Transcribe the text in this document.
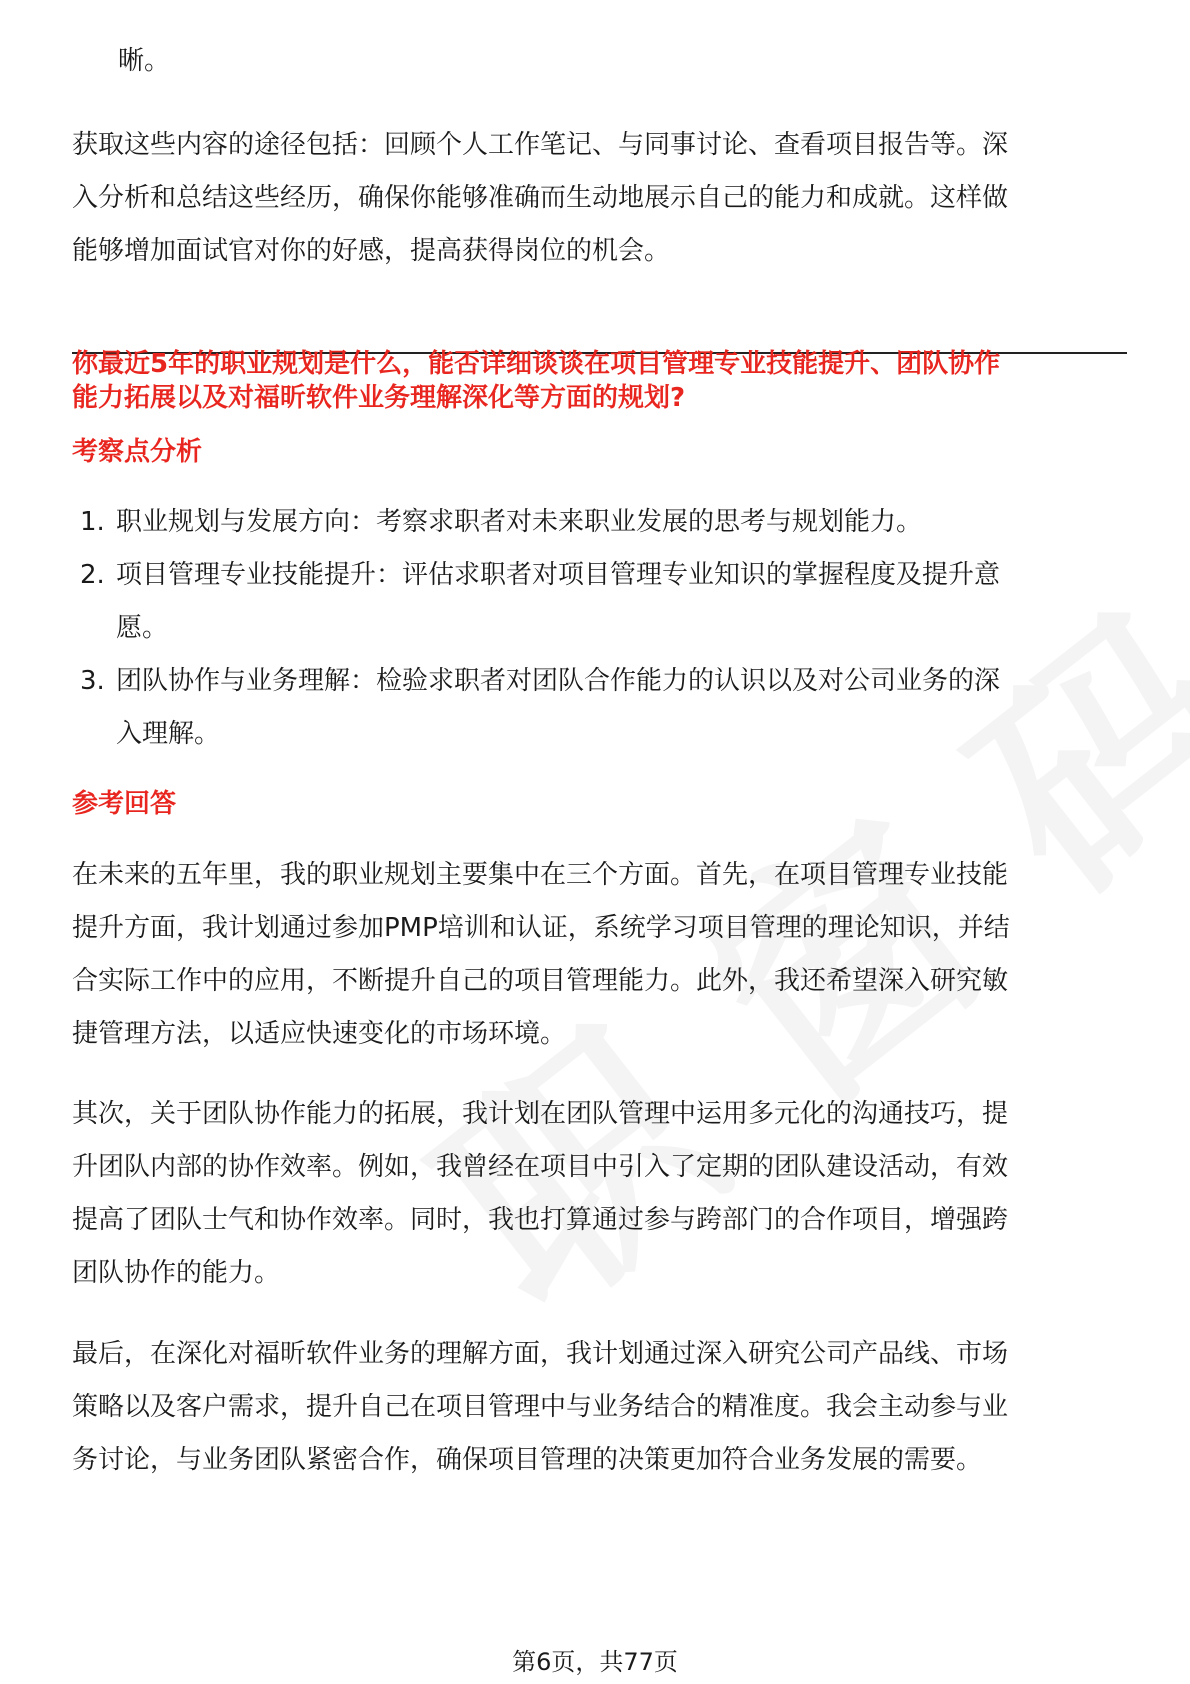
晰。
获取这些内容的途径包括：回顾个人工作笔记、与同事讨论、查看项目报告等。深
入分析和总结这些经历，确保你能够准确而生动地展示自己的能力和成就。这样做
能够增加面试官对你的好感，提高获得岗位的机会。
你最近5年的职业规划是什么，能否详细谈谈在项目管理专业技能提升、团队协作
能力拓展以及对福昕软件业务理解深化等方面的规划?
考察点分析
1. 职业规划与发展方向：考察求职者对未来职业发展的思考与规划能力。
2. 项目管理专业技能提升：评估求职者对项目管理专业知识的掌握程度及提升意
愿。
3. 团队协作与业务理解：检验求职者对团队合作能力的认识以及对公司业务的深
入理解。
参考回答
在未来的五年里，我的职业规划主要集中在三个方面。首先，在项目管理专业技能
提升方面，我计划通过参加PMP培训和认证，系统学习项目管理的理论知识，并结
合实际工作中的应用，不断提升自己的项目管理能力。此外，我还希望深入研究敏
捷管理方法，以适应快速变化的市场环境。
其次，关于团队协作能力的拓展，我计划在团队管理中运用多元化的沟通技巧，提
升团队内部的协作效率。例如，我曾经在项目中引入了定期的团队建设活动，有效
提高了团队士气和协作效率。同时，我也打算通过参与跨部门的合作项目，增强跨
团队协作的能力。
最后，在深化对福昕软件业务的理解方面，我计划通过深入研究公司产品线、市场
策略以及客户需求，提升自己在项目管理中与业务结合的精准度。我会主动参与业
务讨论，与业务团队紧密合作，确保项目管理的决策更加符合业务发展的需要。
第6页，共77页
